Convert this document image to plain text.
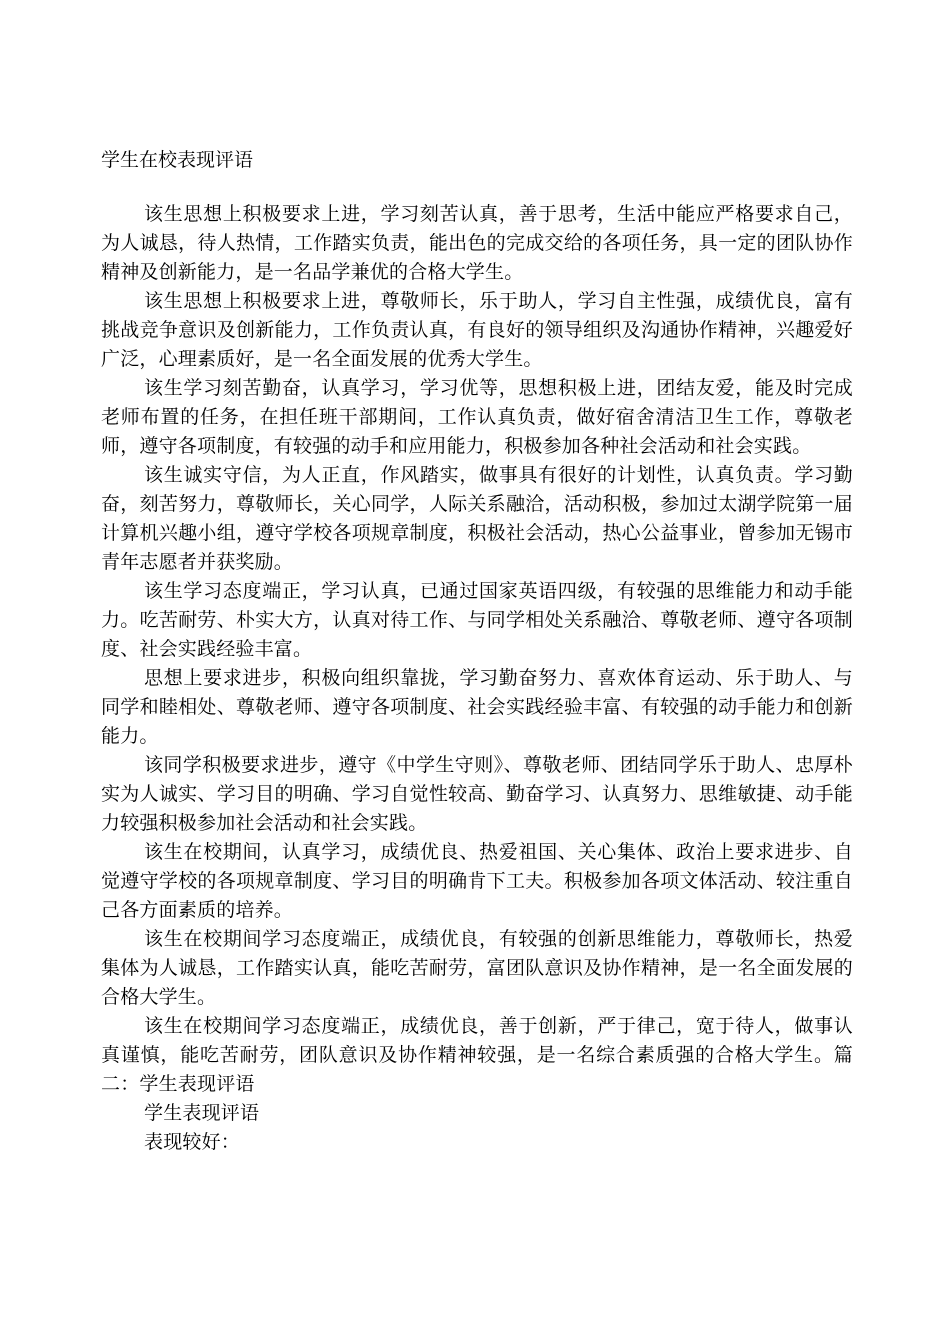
学生在校表现评语

该生思想上积极要求上进，学习刻苦认真，善于思考，生活中能应严格要求自己，为人诚恳，待人热情，工作踏实负责，能出色的完成交给的各项任务，具一定的团队协作精神及创新能力，是一名品学兼优的合格大学生。

该生思想上积极要求上进，尊敬师长，乐于助人，学习自主性强，成绩优良，富有挑战竞争意识及创新能力，工作负责认真，有良好的领导组织及沟通协作精神，兴趣爱好广泛，心理素质好，是一名全面发展的优秀大学生。

该生学习刻苦勤奋，认真学习，学习优等，思想积极上进，团结友爱，能及时完成老师布置的任务，在担任班干部期间，工作认真负责，做好宿舍清洁卫生工作，尊敬老师，遵守各项制度，有较强的动手和应用能力，积极参加各种社会活动和社会实践。

该生诚实守信，为人正直，作风踏实，做事具有很好的计划性，认真负责。学习勤奋，刻苦努力，尊敬师长，关心同学，人际关系融洽，活动积极，参加过太湖学院第一届计算机兴趣小组，遵守学校各项规章制度，积极社会活动，热心公益事业，曾参加无锡市青年志愿者并获奖励。

该生学习态度端正，学习认真，已通过国家英语四级，有较强的思维能力和动手能力。吃苦耐劳、朴实大方，认真对待工作、与同学相处关系融洽、尊敬老师、遵守各项制度、社会实践经验丰富。

思想上要求进步，积极向组织靠拢，学习勤奋努力、喜欢体育运动、乐于助人、与同学和睦相处、尊敬老师、遵守各项制度、社会实践经验丰富、有较强的动手能力和创新能力。

该同学积极要求进步，遵守《中学生守则》、尊敬老师、团结同学乐于助人、忠厚朴实为人诚实、学习目的明确、学习自觉性较高、勤奋学习、认真努力、思维敏捷、动手能力较强积极参加社会活动和社会实践。

该生在校期间，认真学习，成绩优良、热爱祖国、关心集体、政治上要求进步、自觉遵守学校的各项规章制度、学习目的明确肯下工夫。积极参加各项文体活动、较注重自己各方面素质的培养。

该生在校期间学习态度端正，成绩优良，有较强的创新思维能力，尊敬师长，热爱集体为人诚恳，工作踏实认真，能吃苦耐劳，富团队意识及协作精神，是一名全面发展的合格大学生。

该生在校期间学习态度端正，成绩优良，善于创新，严于律己，宽于待人，做事认真谨慎，能吃苦耐劳，团队意识及协作精神较强，是一名综合素质强的合格大学生。篇二：学生表现评语

学生表现评语

表现较好：
